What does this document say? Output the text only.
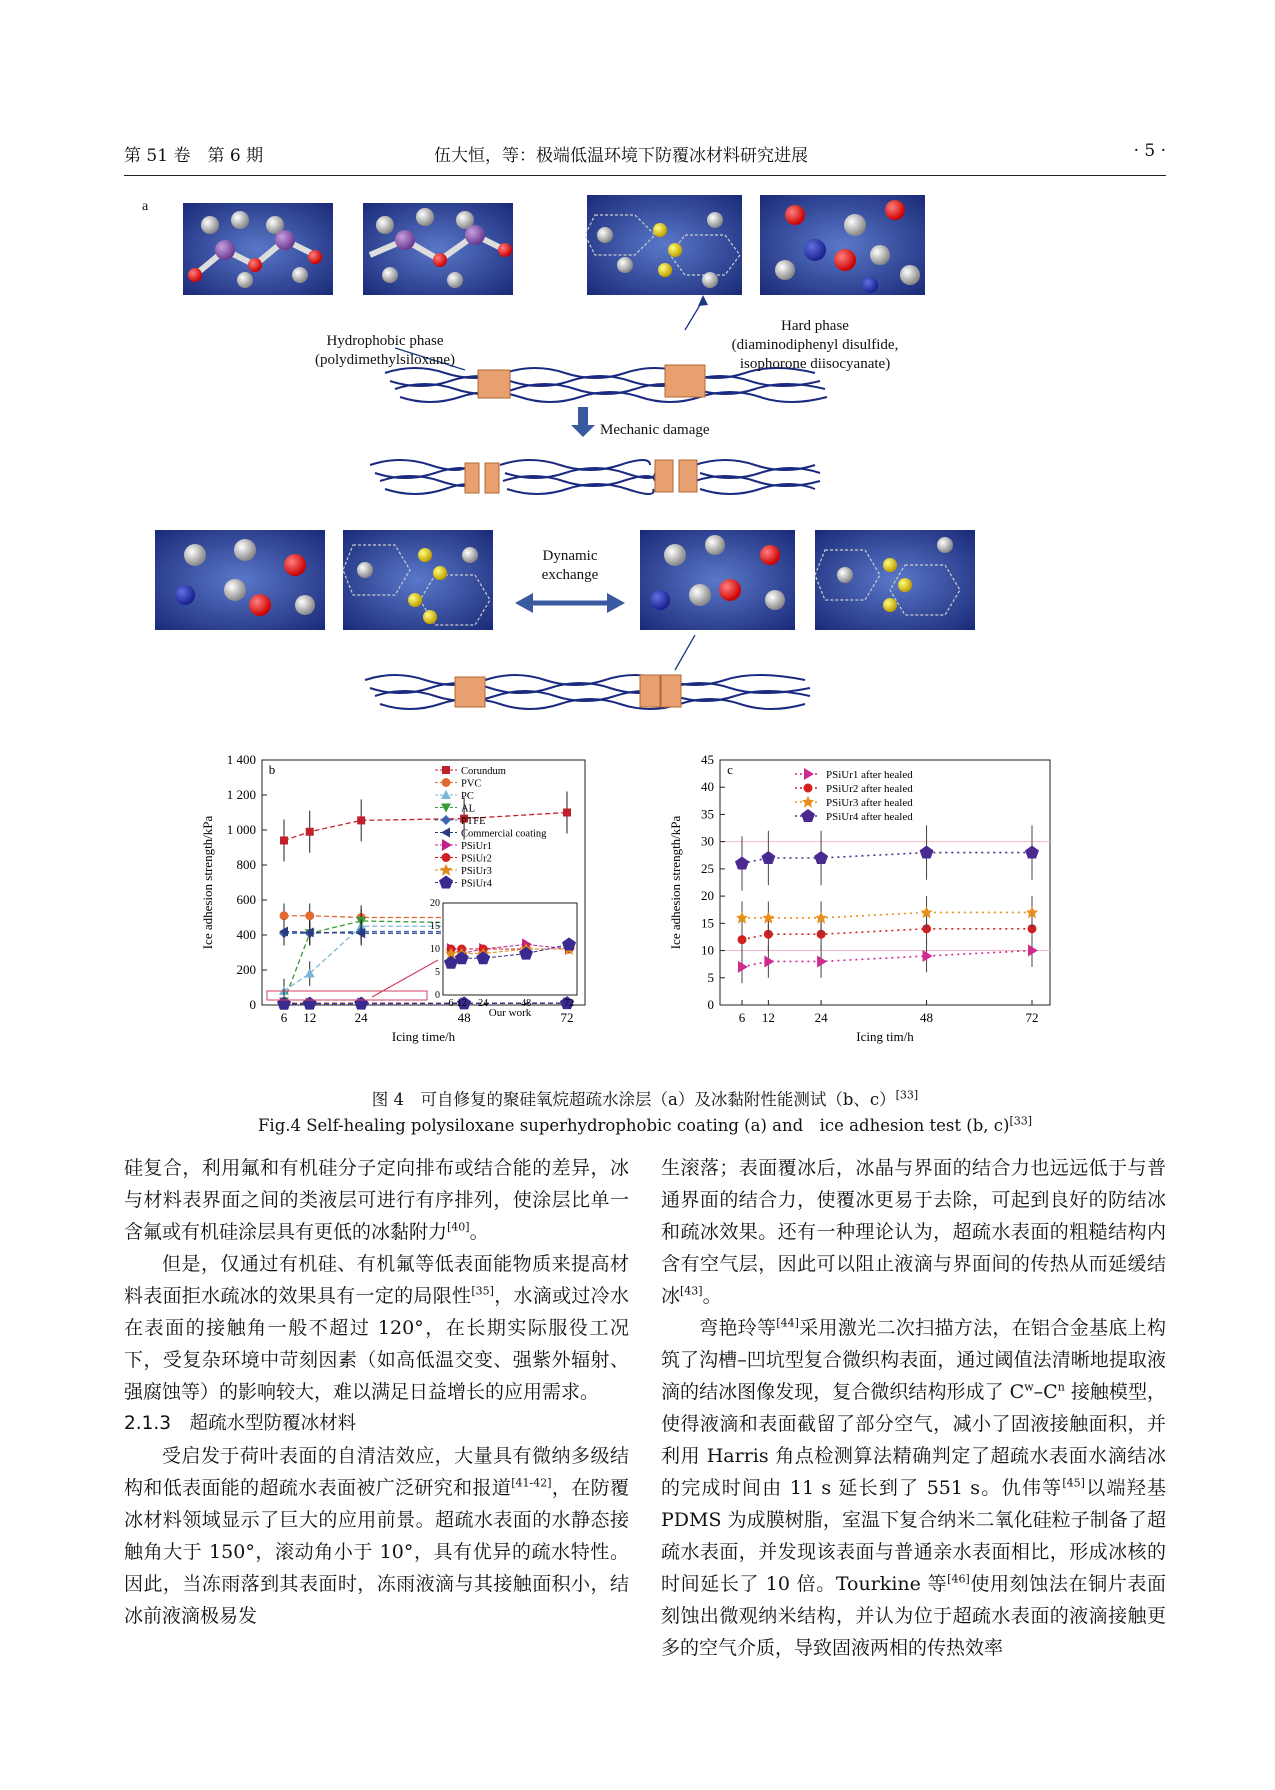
第 51 卷　第 6 期	伍大恒，等：极端低温环境下防覆冰材料研究进展	· 5 ·
a
Hydrophobic phase
(polydimethylsiloxane)
Hard phase
(diaminodiphenyl disulfide,
isophorone diisocyanate)
Mechanic damage
Dynamic
exchange
0
200
400
600
800
1 000
1 200
1 400
6 12	24	48	72
b
Icing time/h
Ice adhesion strength/kPa
Corundum
PVC
PC
AL
PTFE
Commercial coating
PSiUr1
PSiUr2
PSiUr3
PSiUr4
0
5
10
15
20
6 12 24	48	72
Our work
0
5
10
15
20
25
30
35
40
45
6 12	24	48	72
c
Icing tim/h
Ice adhesion strength/kPa
PSiUr1 after healed
PSiUr2 after healed
PSiUr3 after healed
PSiUr4 after healed
图 4　可自修复的聚硅氧烷超疏水涂层（a）及冰黏附性能测试（b、c）[33]
Fig.4 Self-healing polysiloxane superhydrophobic coating (a) and　ice adhesion test (b, c)[33]

硅复合，利用氟和有机硅分子定向排布或结合能的差异，冰与材料表界面之间的类液层可进行有序排列，使涂层比单一含氟或有机硅涂层具有更低的冰黏附力[40]。

但是，仅通过有机硅、有机氟等低表面能物质来提高材料表面拒水疏冰的效果具有一定的局限性[35]，水滴或过冷水在表面的接触角一般不超过 120°，在长期实际服役工况下，受复杂环境中苛刻因素（如高低温交变、强紫外辐射、强腐蚀等）的影响较大，难以满足日益增长的应用需求。

2.1.3　超疏水型防覆冰材料

受启发于荷叶表面的自清洁效应，大量具有微纳多级结构和低表面能的超疏水表面被广泛研究和报道[41-42]，在防覆冰材料领域显示了巨大的应用前景。超疏水表面的水静态接触角大于 150°，滚动角小于 10°，具有优异的疏水特性。因此，当冻雨落到其表面时，冻雨液滴与其接触面积小，结冰前液滴极易发

生滚落；表面覆冰后，冰晶与界面的结合力也远远低于与普通界面的结合力，使覆冰更易于去除，可起到良好的防结冰和疏冰效果。还有一种理论认为，超疏水表面的粗糙结构内含有空气层，因此可以阻止液滴与界面间的传热从而延缓结冰[43]。

弯艳玲等[44]采用激光二次扫描方法，在铝合金基底上构筑了沟槽–凹坑型复合微织构表面，通过阈值法清晰地提取液滴的结冰图像发现，复合微织结构形成了 $C^w-C^n$ 接触模型，使得液滴和表面截留了部分空气，减小了固液接触面积，并利用 Harris 角点检测算法精确判定了超疏水表面水滴结冰的完成时间由 11 s 延长到了 551 s。仇伟等[45]以端羟基 PDMS 为成膜树脂，室温下复合纳米二氧化硅粒子制备了超疏水表面，并发现该表面与普通亲水表面相比，形成冰核的时间延长了 10 倍。Tourkine 等[46]使用刻蚀法在铜片表面刻蚀出微观纳米结构，并认为位于超疏水表面的液滴接触更多的空气介质，导致固液两相的传热效率
